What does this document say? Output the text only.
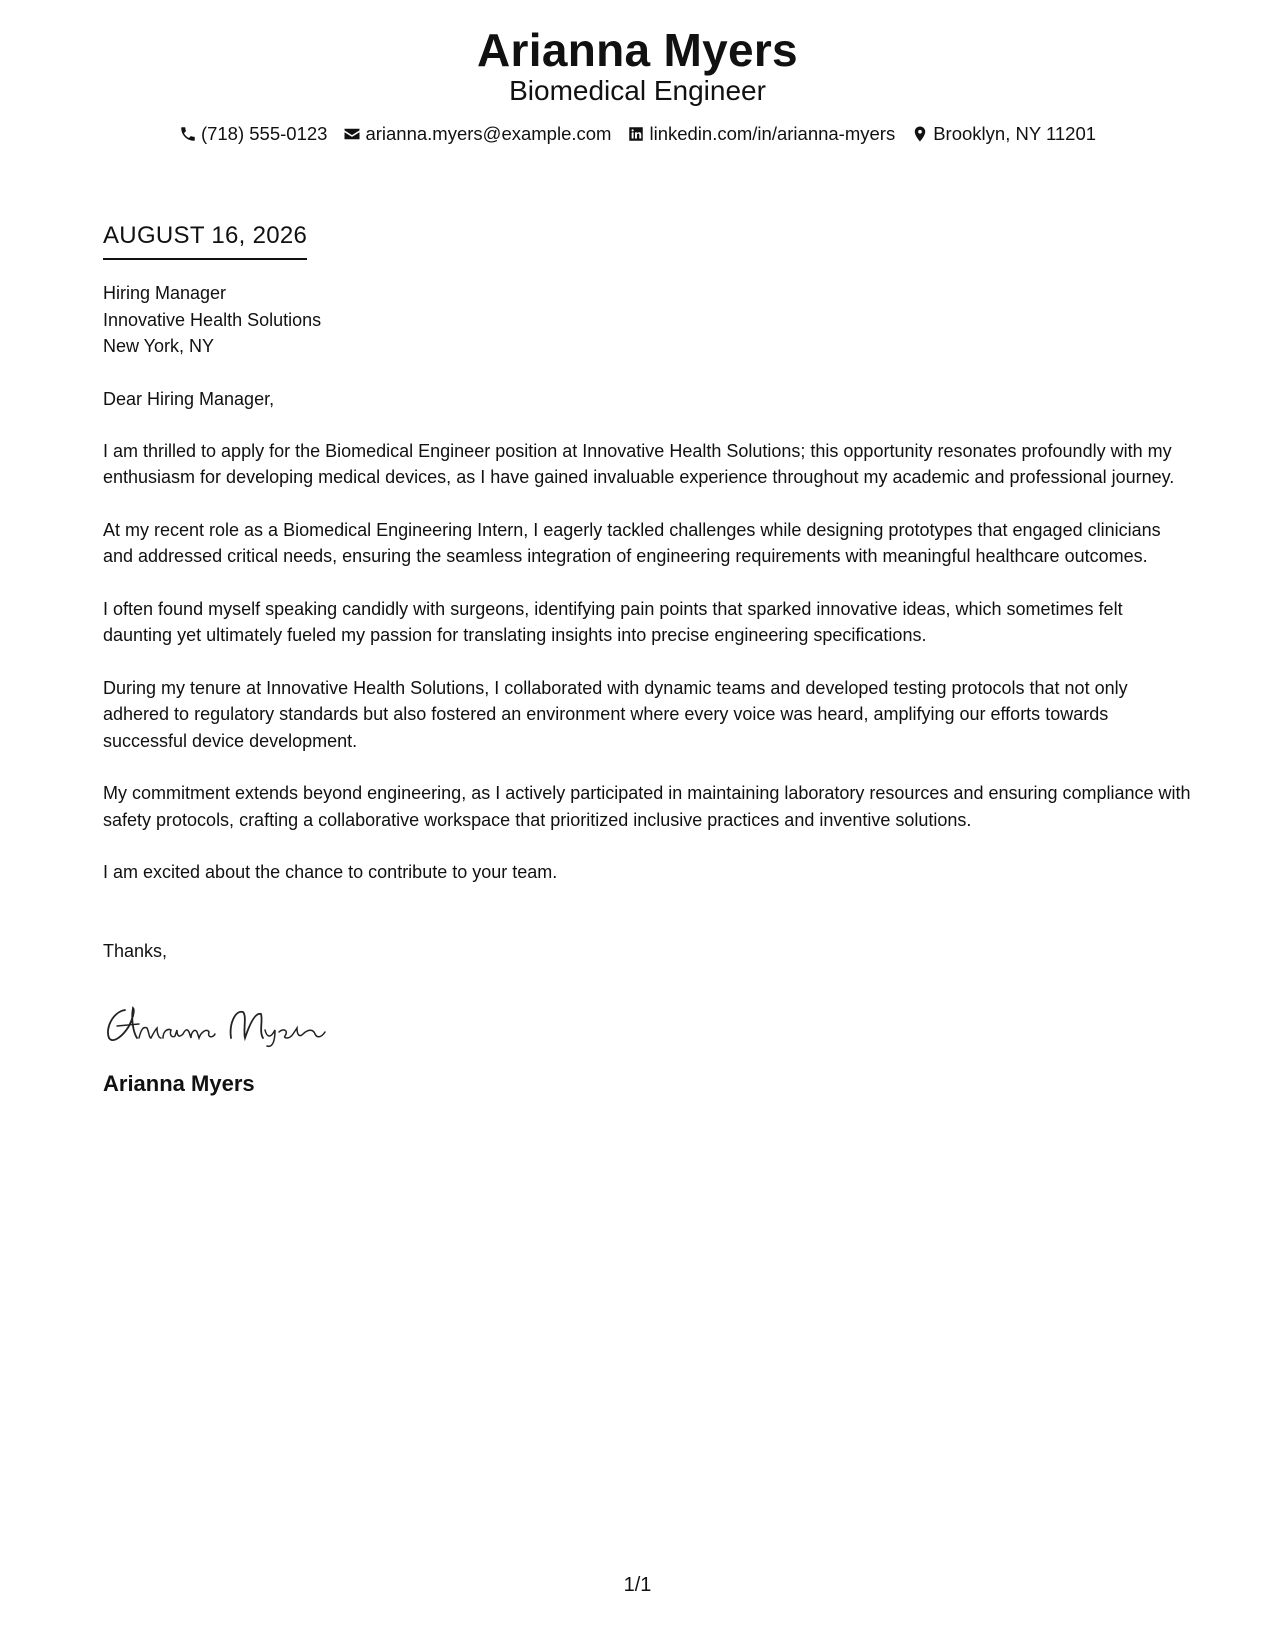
Arianna Myers
Biomedical Engineer
(718) 555-0123 arianna.myers@example.com linkedin.com/in/arianna-myers Brooklyn, NY 11201
AUGUST 16, 2026
Hiring Manager
Innovative Health Solutions
New York, NY
Dear Hiring Manager,
I am thrilled to apply for the Biomedical Engineer position at Innovative Health Solutions; this opportunity resonates profoundly with my enthusiasm for developing medical devices, as I have gained invaluable experience throughout my academic and professional journey.
At my recent role as a Biomedical Engineering Intern, I eagerly tackled challenges while designing prototypes that engaged clinicians and addressed critical needs, ensuring the seamless integration of engineering requirements with meaningful healthcare outcomes.
I often found myself speaking candidly with surgeons, identifying pain points that sparked innovative ideas, which sometimes felt daunting yet ultimately fueled my passion for translating insights into precise engineering specifications.
During my tenure at Innovative Health Solutions, I collaborated with dynamic teams and developed testing protocols that not only adhered to regulatory standards but also fostered an environment where every voice was heard, amplifying our efforts towards successful device development.
My commitment extends beyond engineering, as I actively participated in maintaining laboratory resources and ensuring compliance with safety protocols, crafting a collaborative workspace that prioritized inclusive practices and inventive solutions.
I am excited about the chance to contribute to your team.
Thanks,
Arianna Myers
1/1
